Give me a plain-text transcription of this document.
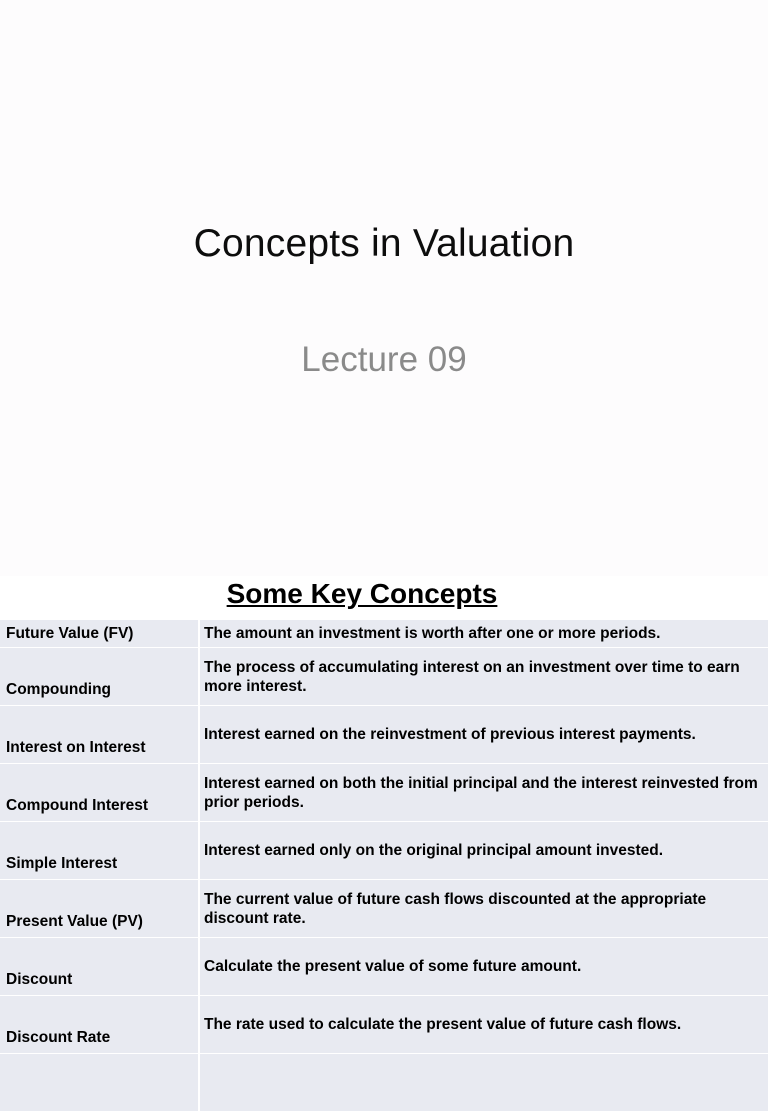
Concepts in Valuation
Lecture 09
Some Key Concepts
Future Value (FV)	The amount an investment is worth after one or more periods.
Compounding	The process of accumulating interest on an investment over time to earn more interest.
Interest on Interest	Interest earned on the reinvestment of previous interest payments.
Compound Interest	Interest earned on both the initial principal and the interest reinvested from prior periods.
Simple Interest	Interest earned only on the original principal amount invested.
Present Value (PV)	The current value of future cash flows discounted at the appropriate discount rate.
Discount	Calculate the present value of some future amount.
Discount Rate	The rate used to calculate the present value of future cash flows.
